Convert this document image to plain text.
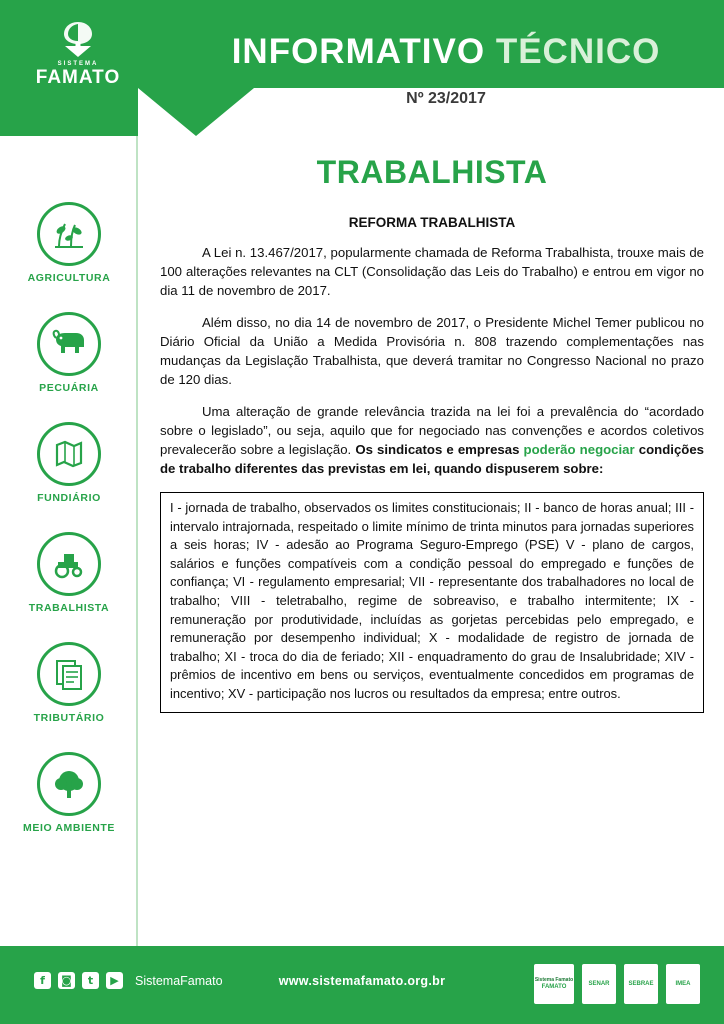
SISTEMA
FAMATO
INFORMATIVO TÉCNICO
Nº 23/2017
AGRICULTURA
PECUÁRIA
FUNDIÁRIO
TRABALHISTA
TRIBUTÁRIO
MEIO AMBIENTE
TRABALHISTA
REFORMA TRABALHISTA

A Lei n. 13.467/2017, popularmente chamada de Reforma Trabalhista, trouxe mais de 100 alterações relevantes na CLT (Consolidação das Leis do Trabalho) e entrou em vigor no dia 11 de novembro de 2017.

Além disso, no dia 14 de novembro de 2017, o Presidente Michel Temer publicou no Diário Oficial da União a Medida Provisória n. 808 trazendo complementações nas mudanças da Legislação Trabalhista, que deverá tramitar no Congresso Nacional no prazo de 120 dias.

Uma alteração de grande relevância trazida na lei foi a prevalência do “acordado sobre o legislado”, ou seja, aquilo que for negociado nas convenções e acordos coletivos prevalecerão sobre a legislação. Os sindicatos e empresas poderão negociar condições de trabalho diferentes das previstas em lei, quando dispuserem sobre:

I - jornada de trabalho, observados os limites constitucionais; II - banco de horas anual; III - intervalo intrajornada, respeitado o limite mínimo de trinta minutos para jornadas superiores a seis horas; IV - adesão ao Programa Seguro-Emprego (PSE) V - plano de cargos, salários e funções compatíveis com a condição pessoal do empregado e funções de confiança; VI - regulamento empresarial; VII - representante dos trabalhadores no local de trabalho; VIII - teletrabalho, regime de sobreaviso, e trabalho intermitente; IX - remuneração por produtividade, incluídas as gorjetas percebidas pelo empregado, e remuneração por desempenho individual; X - modalidade de registro de jornada de trabalho; XI - troca do dia de feriado; XII - enquadramento do grau de Insalubridade; XIV - prêmios de incentivo em bens ou serviços, eventualmente concedidos em programas de incentivo; XV - participação nos lucros ou resultados da empresa; entre outros.
f	◙	t	▶	SistemaFamato	www.sistemafamato.org.br	Sistema Famato
FAMATO
SENAR	SEBRAE	IMEA
